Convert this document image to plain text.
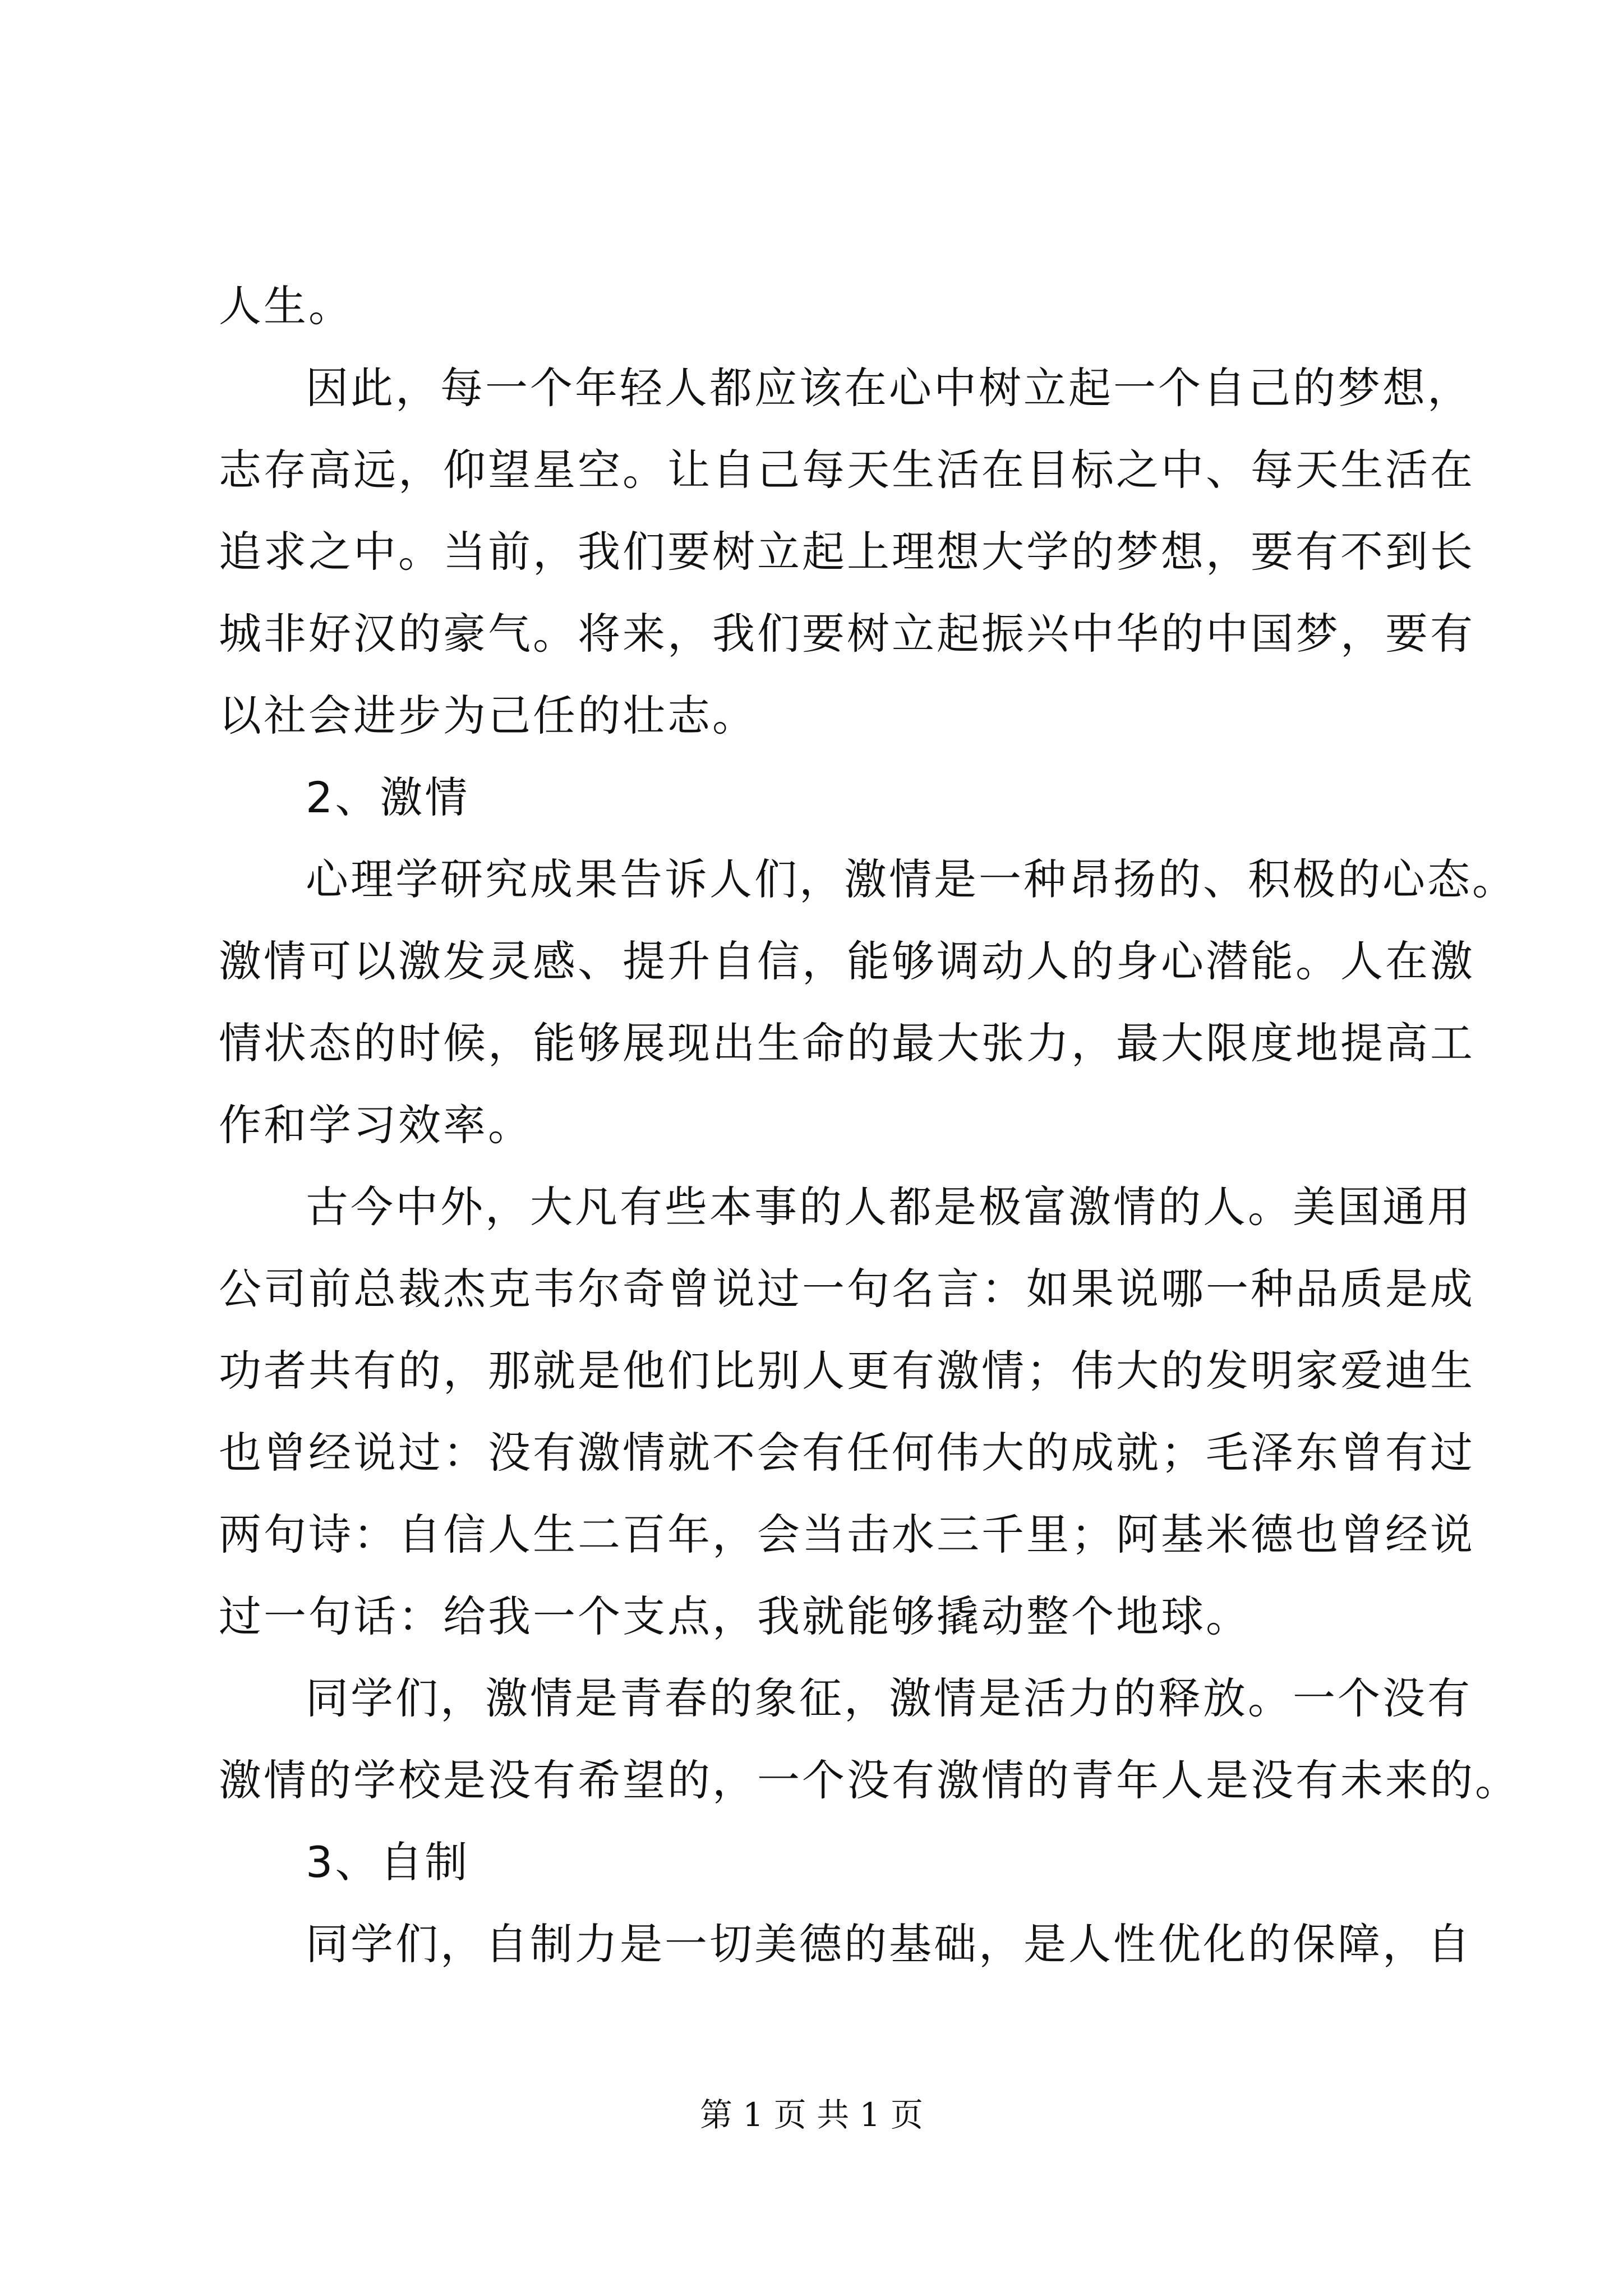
人生。
因此，每一个年轻人都应该在心中树立起一个自己的梦想，
志存高远，仰望星空。让自己每天生活在目标之中、每天生活在
追求之中。当前，我们要树立起上理想大学的梦想，要有不到长
城非好汉的豪气。将来，我们要树立起振兴中华的中国梦，要有
以社会进步为己任的壮志。
2、激情
心理学研究成果告诉人们，激情是一种昂扬的、积极的心态。
激情可以激发灵感、提升自信，能够调动人的身心潜能。人在激
情状态的时候，能够展现出生命的最大张力，最大限度地提高工
作和学习效率。
古今中外，大凡有些本事的人都是极富激情的人。美国通用
公司前总裁杰克韦尔奇曾说过一句名言：如果说哪一种品质是成
功者共有的，那就是他们比别人更有激情；伟大的发明家爱迪生
也曾经说过：没有激情就不会有任何伟大的成就；毛泽东曾有过
两句诗：自信人生二百年，会当击水三千里；阿基米德也曾经说
过一句话：给我一个支点，我就能够撬动整个地球。
同学们，激情是青春的象征，激情是活力的释放。一个没有
激情的学校是没有希望的，一个没有激情的青年人是没有未来的。
3、自制
同学们，自制力是一切美德的基础，是人性优化的保障，自
第 1 页 共 1 页
